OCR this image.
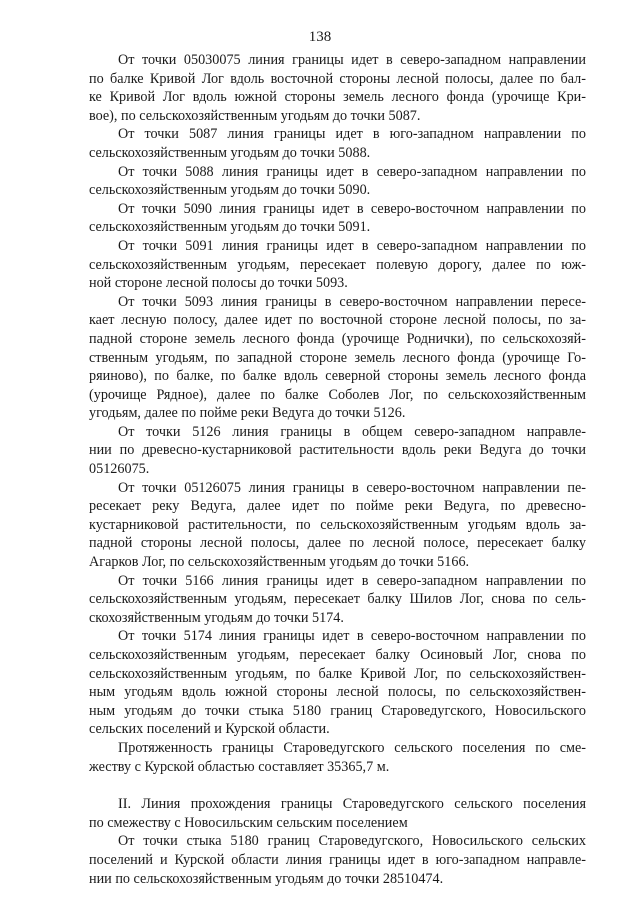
138
От точки 05030075 линия границы идет в северо-западном направлении
по балке Кривой Лог вдоль восточной стороны лесной полосы, далее по бал-
ке Кривой Лог вдоль южной стороны земель лесного фонда (урочище Кри-
вое), по сельскохозяйственным угодьям до точки 5087.
От точки 5087 линия границы идет в юго-западном направлении по
сельскохозяйственным угодьям до точки 5088.
От точки 5088 линия границы идет в северо-западном направлении по
сельскохозяйственным угодьям до точки 5090.
От точки 5090 линия границы идет в северо-восточном направлении по
сельскохозяйственным угодьям до точки 5091.
От точки 5091 линия границы идет в северо-западном направлении по
сельскохозяйственным угодьям, пересекает полевую дорогу, далее по юж-
ной стороне лесной полосы до точки 5093.
От точки 5093 линия границы в северо-восточном направлении пересе-
кает лесную полосу, далее идет по восточной стороне лесной полосы, по за-
падной стороне земель лесного фонда (урочище Роднички), по сельскохозяй-
ственным угодьям, по западной стороне земель лесного фонда (урочище Го-
ряиново), по балке, по балке вдоль северной стороны земель лесного фонда
(урочище Рядное), далее по балке Соболев Лог, по сельскохозяйственным
угодьям, далее по пойме реки Ведуга до точки 5126.
От точки 5126 линия границы в общем северо-западном направле-
нии по древесно-кустарниковой растительности вдоль реки Ведуга до точки
05126075.
От точки 05126075 линия границы в северо-восточном направлении пе-
ресекает реку Ведуга, далее идет по пойме реки Ведуга, по древесно-
кустарниковой растительности, по сельскохозяйственным угодьям вдоль за-
падной стороны лесной полосы, далее по лесной полосе, пересекает балку
Агарков Лог, по сельскохозяйственным угодьям до точки 5166.
От точки 5166 линия границы идет в северо-западном направлении по
сельскохозяйственным угодьям, пересекает балку Шилов Лог, снова по сель-
скохозяйственным угодьям до точки 5174.
От точки 5174 линия границы идет в северо-восточном направлении по
сельскохозяйственным угодьям, пересекает балку Осиновый Лог, снова по
сельскохозяйственным угодьям, по балке Кривой Лог, по сельскохозяйствен-
ным угодьям вдоль южной стороны лесной полосы, по сельскохозяйствен-
ным угодьям до точки стыка 5180 границ Староведугского, Новосильского
сельских поселений и Курской области.
Протяженность границы Староведугского сельского поселения по сме-
жеству с Курской областью составляет 35365,7 м.
II. Линия прохождения границы Староведугского сельского поселения
по смежеству с Новосильским сельским поселением
От точки стыка 5180 границ Староведугского, Новосильского сельских
поселений и Курской области линия границы идет в юго-западном направле-
нии по сельскохозяйственным угодьям до точки 28510474.
